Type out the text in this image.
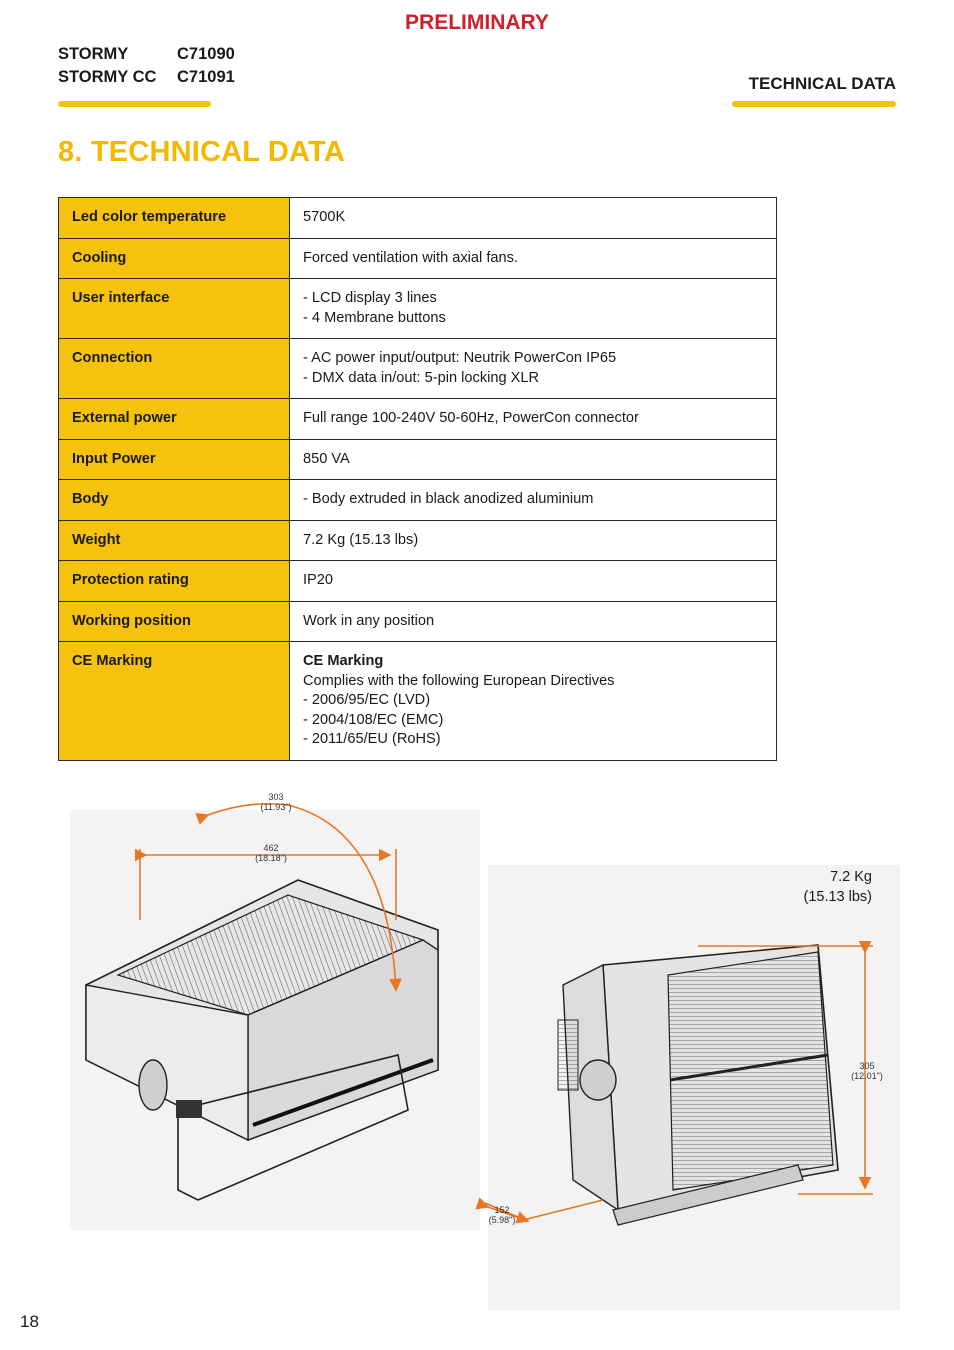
PRELIMINARY
STORMY	C71090
STORMY CC	C71091	TECHNICAL DATA
8. TECHNICAL DATA
Led color temperature	5700K

Cooling	Forced ventilation with axial fans.

User interface	- LCD display 3 lines
- 4 Membrane buttons

Connection	- AC power input/output: Neutrik PowerCon IP65
- DMX data in/out: 5-pin locking XLR

External power	Full range 100-240V 50-60Hz, PowerCon connector

Input Power	850 VA

Body	- Body extruded in black anodized aluminium

Weight	7.2 Kg (15.13 lbs)

Protection rating	IP20

Working position	Work in any position

CE Marking	CE Marking
Complies with the following European Directives
- 2006/95/EC (LVD)
- 2004/108/EC (EMC)
- 2011/65/EU (RoHS)
303
(11.93")
462
(18.18")
305
(12.01")
152
(5.98")
7.2 Kg
(15.13 lbs)
18
